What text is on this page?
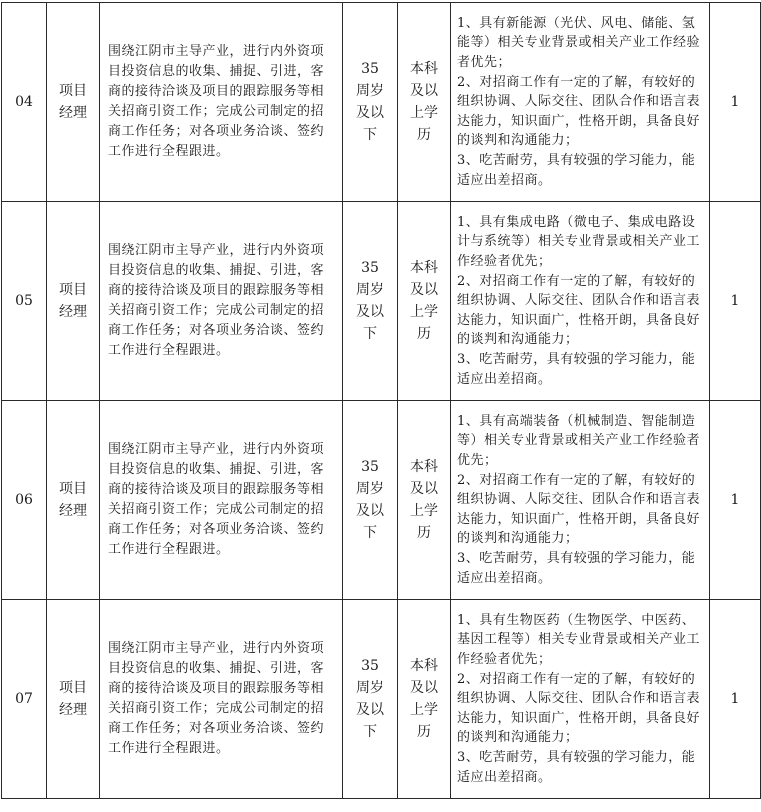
04	项目经理	围绕江阴市主导产业，进行内外资项目投资信息的收集、捕捉、引进，客商的接待洽谈及项目的跟踪服务等相关招商引资工作；完成公司制定的招商工作任务；对各项业务洽谈、签约工作进行全程跟进。	35周岁及以下	本科及以上学历	1、具有新能源（光伏、风电、储能、氢能等）相关专业背景或相关产业工作经验者优先；
2、对招商工作有一定的了解，有较好的组织协调、人际交往、团队合作和语言表达能力，知识面广，性格开朗，具备良好的谈判和沟通能力；
3、吃苦耐劳，具有较强的学习能力，能适应出差招商。	1
05	项目经理	围绕江阴市主导产业，进行内外资项目投资信息的收集、捕捉、引进，客商的接待洽谈及项目的跟踪服务等相关招商引资工作；完成公司制定的招商工作任务；对各项业务洽谈、签约工作进行全程跟进。	35周岁及以下	本科及以上学历	1、具有集成电路（微电子、集成电路设计与系统等）相关专业背景或相关产业工作经验者优先；
2、对招商工作有一定的了解，有较好的组织协调、人际交往、团队合作和语言表达能力，知识面广，性格开朗，具备良好的谈判和沟通能力；
3、吃苦耐劳，具有较强的学习能力，能适应出差招商。	1
06	项目经理	围绕江阴市主导产业，进行内外资项目投资信息的收集、捕捉、引进，客商的接待洽谈及项目的跟踪服务等相关招商引资工作；完成公司制定的招商工作任务；对各项业务洽谈、签约工作进行全程跟进。	35周岁及以下	本科及以上学历	1、具有高端装备（机械制造、智能制造等）相关专业背景或相关产业工作经验者优先；
2、对招商工作有一定的了解，有较好的组织协调、人际交往、团队合作和语言表达能力，知识面广，性格开朗，具备良好的谈判和沟通能力；
3、吃苦耐劳，具有较强的学习能力，能适应出差招商。	1
07	项目经理	围绕江阴市主导产业，进行内外资项目投资信息的收集、捕捉、引进，客商的接待洽谈及项目的跟踪服务等相关招商引资工作；完成公司制定的招商工作任务；对各项业务洽谈、签约工作进行全程跟进。	35周岁及以下	本科及以上学历	1、具有生物医药（生物医学、中医药、基因工程等）相关专业背景或相关产业工作经验者优先；
2、对招商工作有一定的了解，有较好的组织协调、人际交往、团队合作和语言表达能力，知识面广，性格开朗，具备良好的谈判和沟通能力；
3、吃苦耐劳，具有较强的学习能力，能适应出差招商。	1
